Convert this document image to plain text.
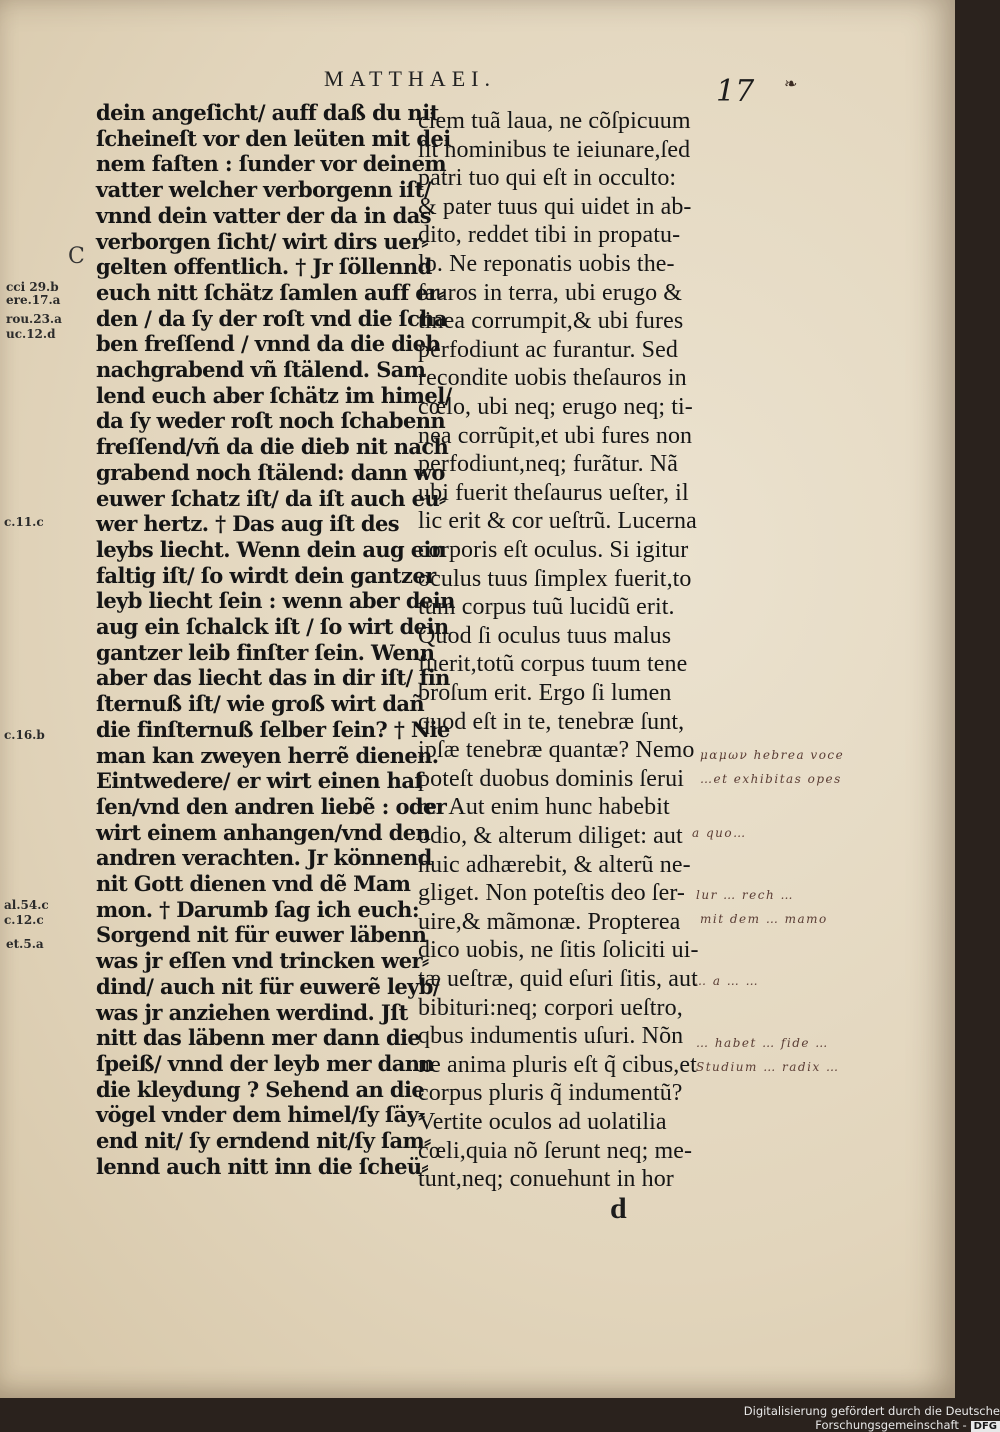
MATTHAEI.	17 ❧
C
cci 29.b
ere.17.a
rou.23.a
uc.12.d
c.11.c
c.16.b
al.54.c
c.12.c
et.5.a
dein angeſicht/ auff daß du nit
ſcheineſt vor den leüten mit dei
nem faſten : ſunder vor deinem
vatter welcher verborgenn iſt/
vnnd dein vatter der da in das
verborgen ſicht/ wirt dirs uer⸗
gelten offentlich. † Jr ſöllennd
euch nitt ſchätz ſamlen auff er⸗
den / da ſy der roſt vnd die ſcha
ben freſſend / vnnd da die dieb
nachgrabend vñ ſtälend. Sam
lend euch aber ſchätz im himel/
da ſy weder roſt noch ſchabenn
freſſend/vñ da die dieb nit nach
grabend noch ſtälend: dann wo
euwer ſchatz iſt/ da iſt auch eu⸗
wer hertz. † Das aug iſt des
leybs liecht. Wenn dein aug ein
faltig iſt/ ſo wirdt dein gantzer
leyb liecht ſein : wenn aber dein
aug ein ſchalck iſt / ſo wirt dein
gantzer leib finſter ſein. Wenn
aber das liecht das in dir iſt/ fin
ſternuß iſt/ wie groß wirt dañ
die finſternuß ſelber ſein? † Nie
man kan zweyen herrẽ dienen.
Eintwedere/ er wirt einen haſ
ſen/vnd den andren liebẽ : oder
wirt einem anhangen/vnd den
andren verachten. Jr könnend
nit Gott dienen vnd dẽ Mam
mon. † Darumb ſag ich euch:
Sorgend nit für euwer läbenn
was jr eſſen vnd trincken wer⸗
dind/ auch nit für euwerẽ leyb/
was jr anziehen werdind. Jſt
nitt das läbenn mer dann die
ſpeiß/ vnnd der leyb mer dann
die kleydung ? Sehend an die
vögel vnder dem himel/ſy ſäy⸗
end nit/ ſy erndend nit/ſy ſam⸗
lennd auch nitt inn die ſcheü⸗
ciem tuã laua, ne cõſpicuum
ſit hominibus te ieiunare,ſed
patri tuo qui eſt in occulto:
& pater tuus qui uidet in ab-
dito, reddet tibi in propatu-
lo. Ne reponatis uobis the-
ſauros in terra, ubi erugo &
tinea corrumpit,& ubi fures
perfodiunt ac furantur. Sed
recondite uobis theſauros in
cœlo, ubi neq; erugo neq; ti-
nea corrũpit,et ubi fures non
perfodiunt,neq; furãtur. Nã
ubi fuerit theſaurus ueſter, il
lic erit & cor ueſtrũ. Lucerna
corporis eſt oculus. Si igitur
oculus tuus ſimplex fuerit,to
tum corpus tuũ lucidũ erit.
Quod ſi oculus tuus malus
fuerit,totũ corpus tuum tene
broſum erit. Ergo ſi lumen
quod eſt in te, tenebræ ſunt,
ipſæ tenebræ quantæ? Nemo
poteſt duobus dominis ſerui
re: Aut enim hunc habebit
odio, & alterum diliget: aut
huic adhærebit, & alterũ ne-
gliget. Non poteſtis deo ſer-
uire,& mãmonæ. Propterea
dico uobis, ne ſitis ſoliciti ui-
tæ ueſtræ, quid eſuri ſitis, aut
bibituri:neq; corpori ueſtro,
qbus indumentis uſuri. Nõn
ne anima pluris eſt q̃ cibus,et
corpus pluris q̃ indumentũ?
Vertite oculos ad uolatilia
cœli,quia nõ ſerunt neq; me-
tunt,neq; conuehunt in hor
μαμων hebrea voce
…et exhibitas opes
a quo…
lur … rech …
mit dem … mamo
… a … …
… habet … fide …
Studium … radix …
d
Digitalisierung gefördert durch die Deutsche Forschungsgemeinschaft - DFG
